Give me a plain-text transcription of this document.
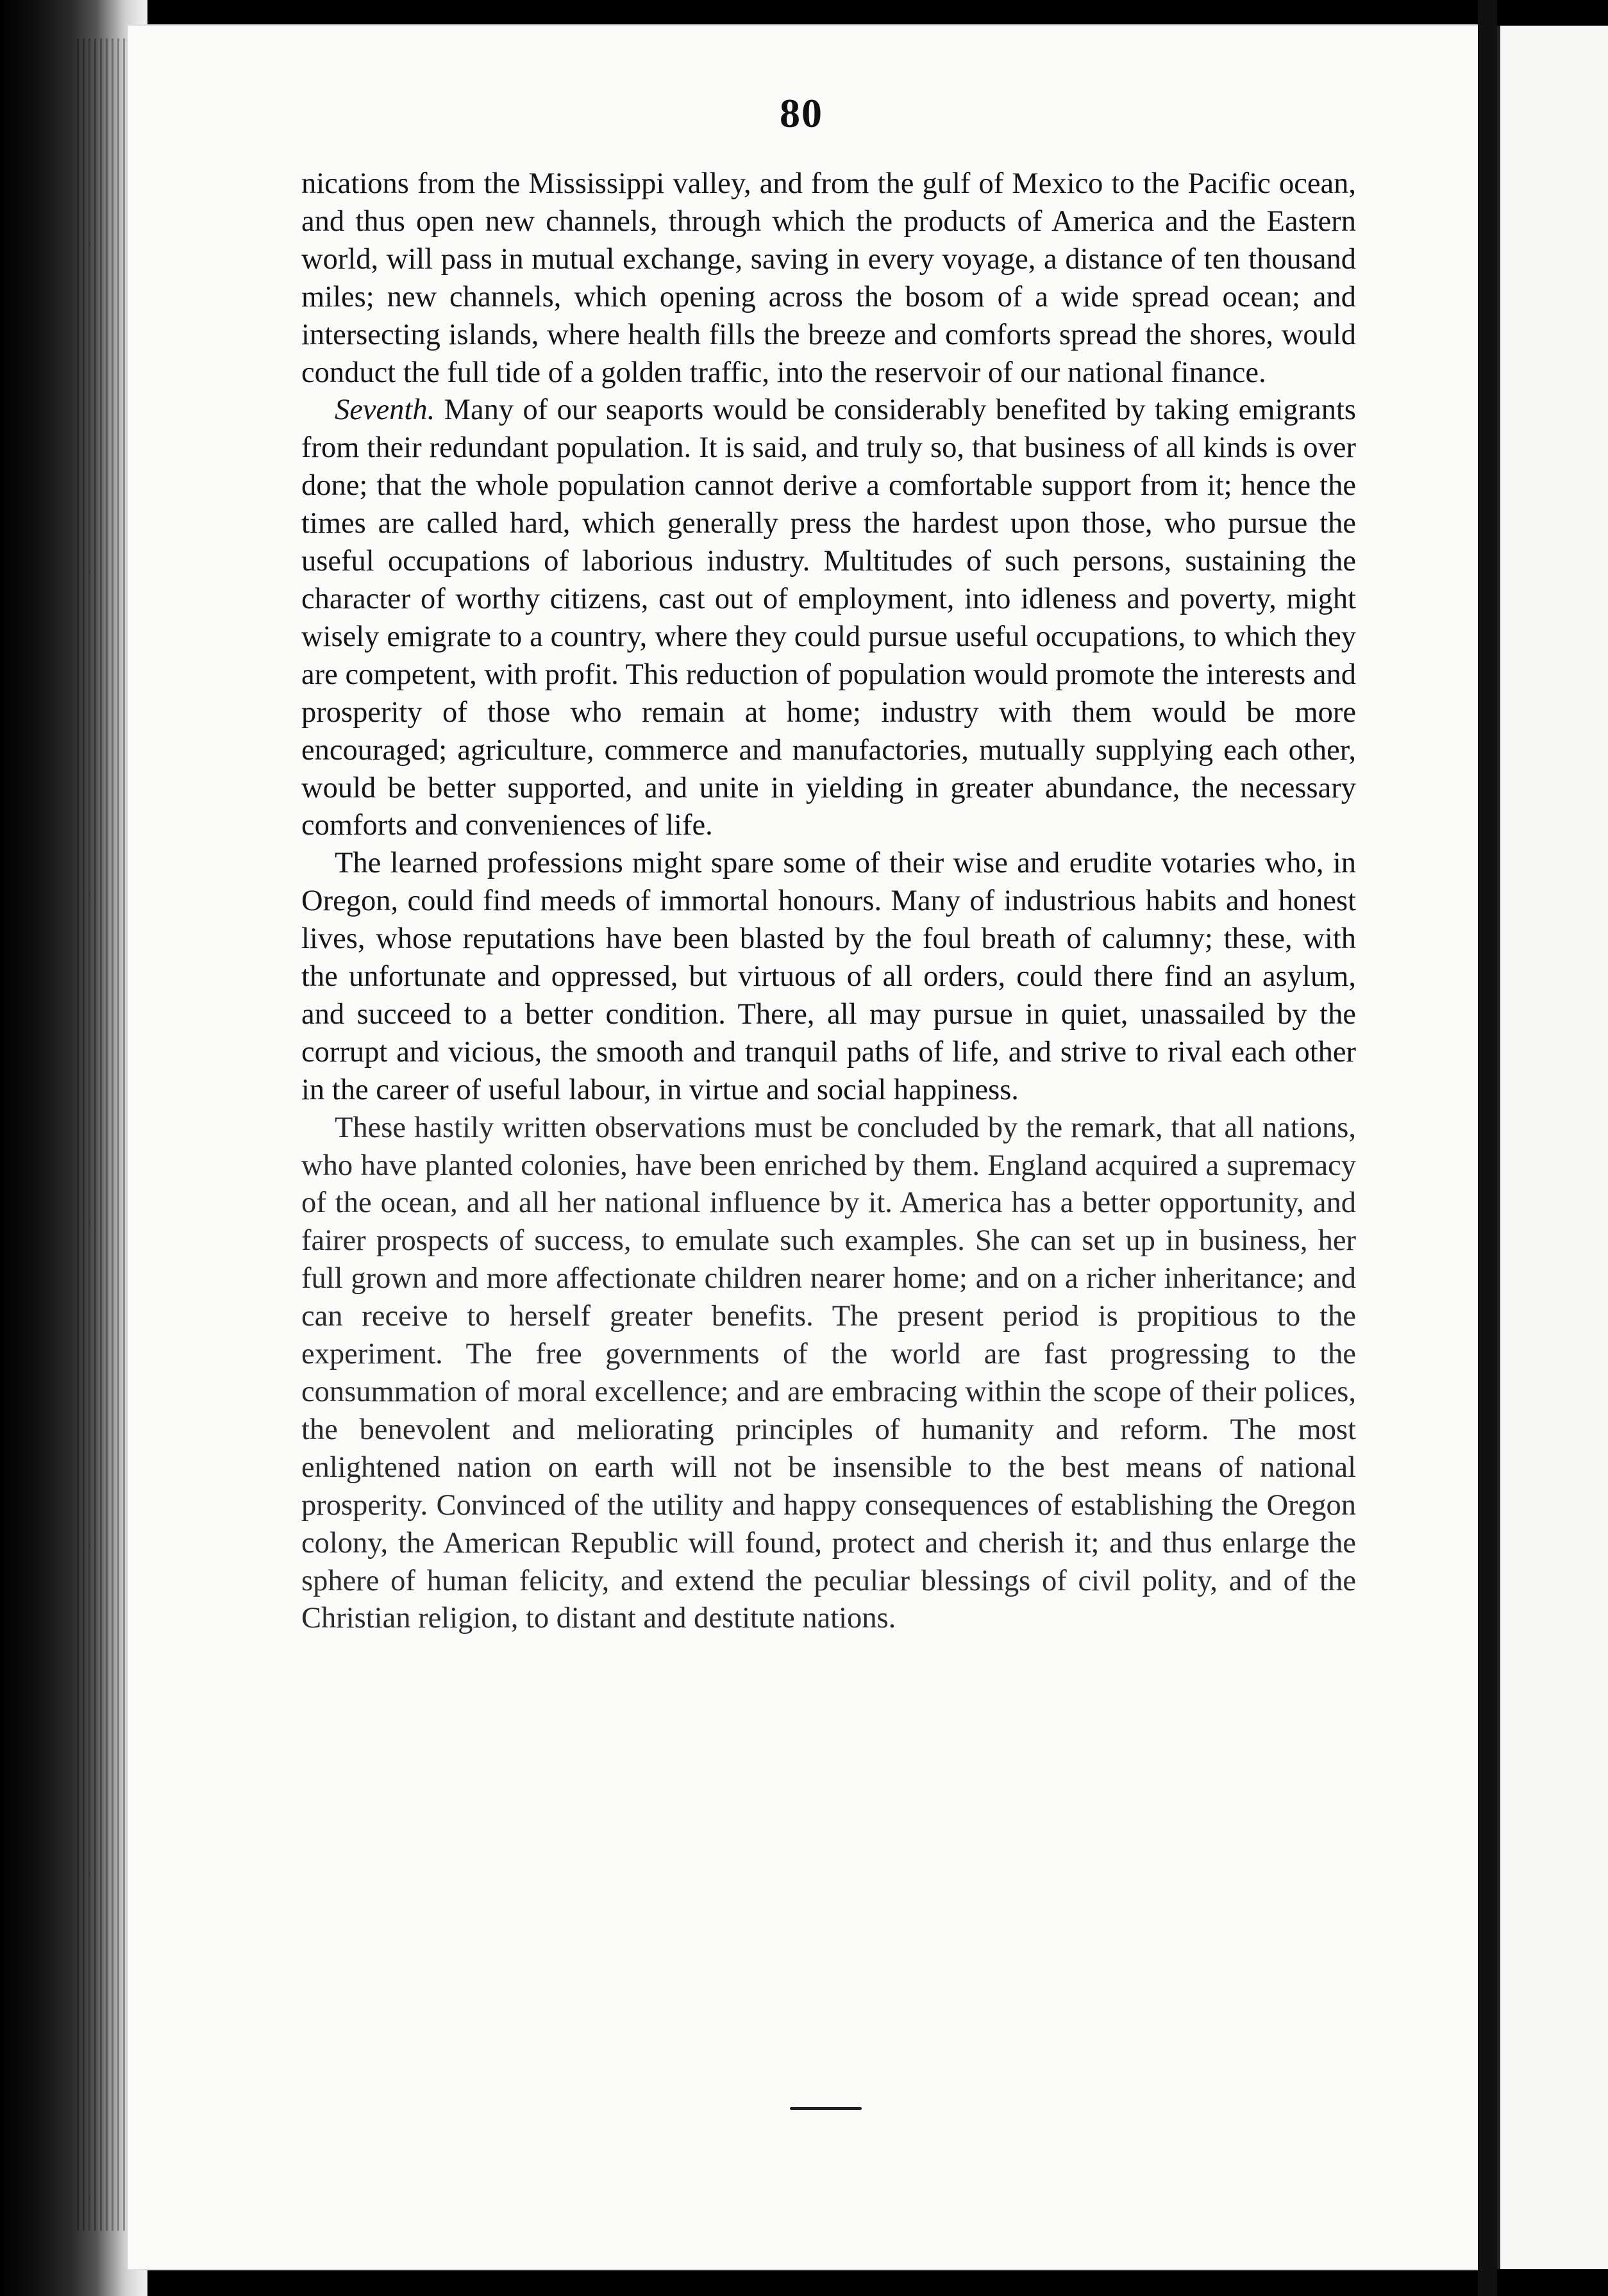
80

nications from the Mississippi valley, and from the gulf of Mexico to the Pacific ocean, and thus open new channels, through which the products of America and the Eastern world, will pass in mutual exchange, saving in every voyage, a distance of ten thousand miles; new channels, which opening across the bosom of a wide spread ocean; and intersecting islands, where health fills the breeze and comforts spread the shores, would conduct the full tide of a golden traffic, into the reservoir of our national finance.

Seventh. Many of our seaports would be considerably benefited by taking emigrants from their redundant population. It is said, and truly so, that business of all kinds is over done; that the whole population cannot derive a comfortable support from it; hence the times are called hard, which generally press the hardest upon those, who pursue the useful occupations of laborious industry. Multitudes of such persons, sustaining the character of worthy citizens, cast out of employment, into idleness and poverty, might wisely emigrate to a country, where they could pursue useful occupations, to which they are competent, with profit. This reduction of population would promote the interests and prosperity of those who remain at home; industry with them would be more encouraged; agriculture, commerce and manufactories, mutually supplying each other, would be better supported, and unite in yielding in greater abundance, the necessary comforts and conveniences of life.

The learned professions might spare some of their wise and erudite votaries who, in Oregon, could find meeds of immortal honours. Many of industrious habits and honest lives, whose reputations have been blasted by the foul breath of calumny; these, with the unfortunate and oppressed, but virtuous of all orders, could there find an asylum, and succeed to a better condition. There, all may pursue in quiet, unassailed by the corrupt and vicious, the smooth and tranquil paths of life, and strive to rival each other in the career of useful labour, in virtue and social happiness.

These hastily written observations must be concluded by the remark, that all nations, who have planted colonies, have been enriched by them. England acquired a supremacy of the ocean, and all her national influence by it. America has a better opportunity, and fairer prospects of success, to emulate such examples. She can set up in business, her full grown and more affectionate children nearer home; and on a richer inheritance; and can receive to herself greater benefits. The present period is propitious to the experiment. The free governments of the world are fast progressing to the consummation of moral excellence; and are embracing within the scope of their polices, the benevolent and meliorating principles of humanity and reform. The most enlightened nation on earth will not be insensible to the best means of national prosperity. Convinced of the utility and happy consequences of establishing the Oregon colony, the American Republic will found, protect and cherish it; and thus enlarge the sphere of human felicity, and extend the peculiar blessings of civil polity, and of the Christian religion, to distant and destitute nations.
